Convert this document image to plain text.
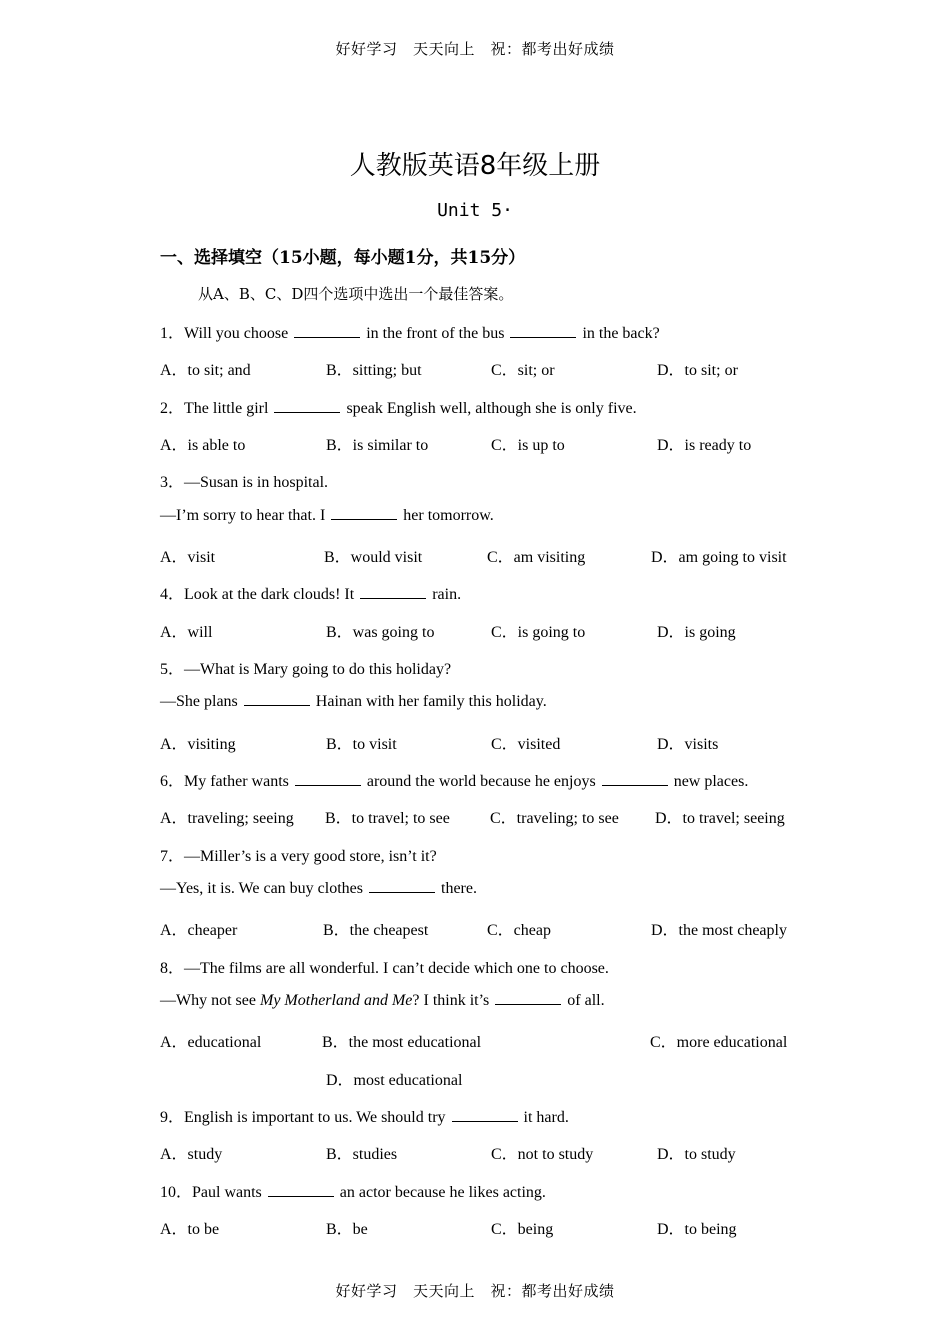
好好学习　天天向上　祝：都考出好成绩
人教版英语8年级上册
Unit 5·
一、选择填空（15小题，每小题1分，共15分）
从A、B、C、D四个选项中选出一个最佳答案。
1．Will you choose	in the front of the bus	in the back?
A．to sit; and	B．sitting; but	C．sit; or	D．to sit; or
2．The little girl	speak English well, although she is only five.
A．is able to	B．is similar to	C．is up to	D．is ready to
3．—Susan is in hospital.
—I’m sorry to hear that. I	her tomorrow.
A．visit	B．would visit	C．am visiting	D．am going to visit
4．Look at the dark clouds! It	rain.
A．will	B．was going to	C．is going to	D．is going
5．—What is Mary going to do this holiday?
—She plans	Hainan with her family this holiday.
A．visiting	B．to visit	C．visited	D．visits
6．My father wants	around the world because he enjoys	new places.
A．traveling; seeing B．to travel; to see	C．traveling; to see D．to travel; seeing
7．—Miller’s is a very good store, isn’t it?
—Yes, it is. We can buy clothes	there.
A．cheaper	B．the cheapest	C．cheap	D．the most cheaply
8．—The films are all wonderful. I can’t decide which one to choose.
—Why not see My Motherland and Me? I think it’s	of all.
A．educational	B．the most educational	C．more educational
D．most educational
9．English is important to us. We should try	it hard.
A．study	B．studies	C．not to study	D．to study
10．Paul wants	an actor because he likes acting.
A．to be	B．be	C．being	D．to being
好好学习　天天向上　祝：都考出好成绩
